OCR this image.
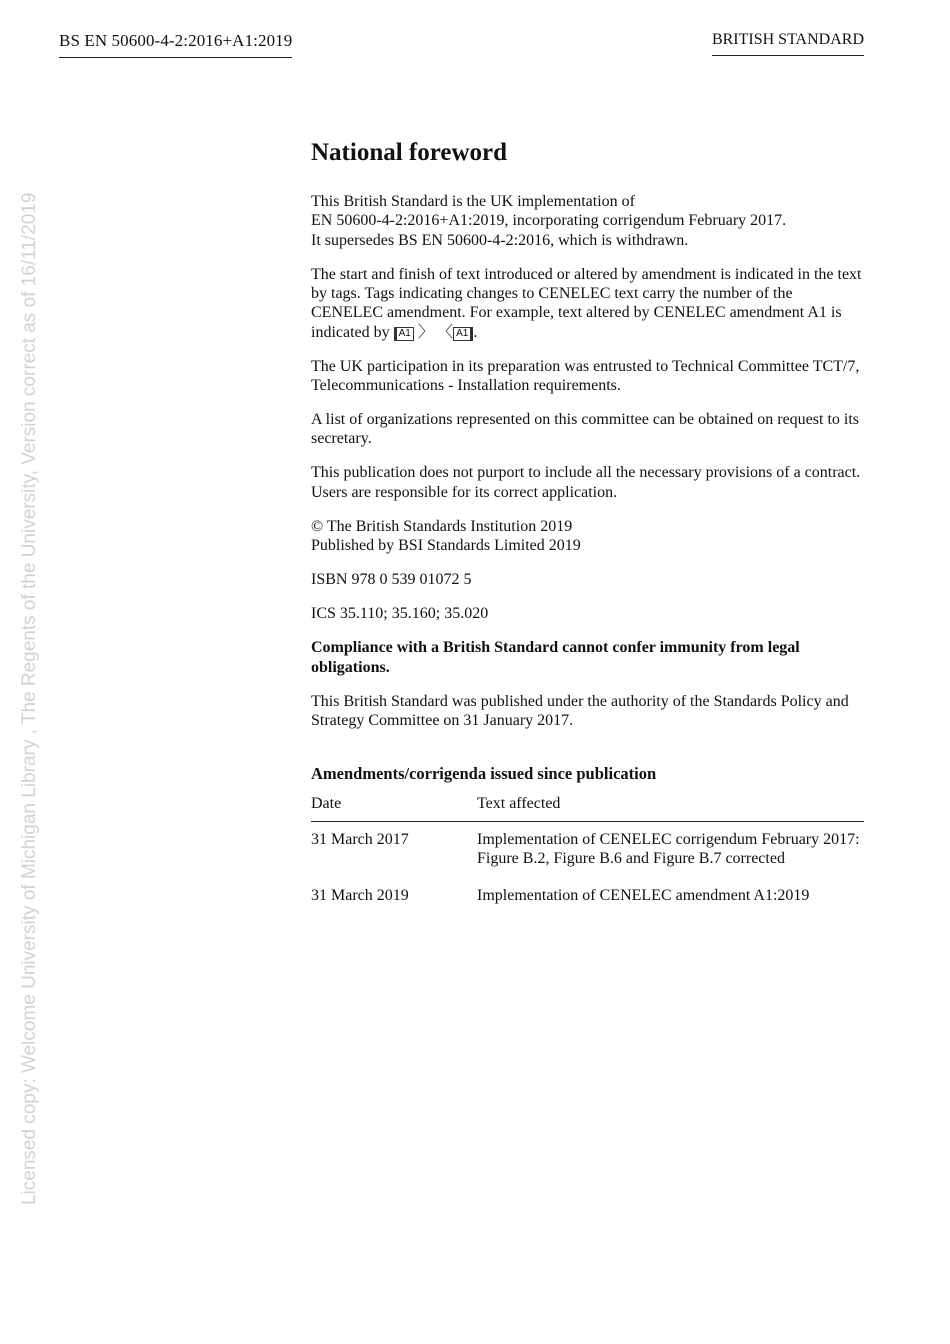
BS EN 50600-4-2:2016+A1:2019	BRITISH STANDARD
Licensed copy: Welcome University of Michigan Library , The Regents of the University, Version correct as of 16/11/2019
National foreword

This British Standard is the UK implementation of
EN 50600-4-2:2016+A1:2019, incorporating corrigendum February 2017.
It supersedes BS EN 50600-4-2:2016, which is withdrawn.

The start and finish of text introduced or altered by amendment is indicated in the text by tags. Tags indicating changes to CENELEC text carry the number of the CENELEC amendment. For example, text altered by CENELEC amendment A1 is indicated by A1 〉 〈 A1 .

The UK participation in its preparation was entrusted to Technical Committee TCT/7, Telecommunications - Installation requirements.

A list of organizations represented on this committee can be obtained on request to its secretary.

This publication does not purport to include all the necessary provisions of a contract. Users are responsible for its correct application.

© The British Standards Institution 2019
Published by BSI Standards Limited 2019

ISBN 978 0 539 01072 5

ICS 35.110; 35.160; 35.020

Compliance with a British Standard cannot confer immunity from legal obligations.

This British Standard was published under the authority of the Standards Policy and Strategy Committee on 31 January 2017.

Amendments/corrigenda issued since publication
Date	Text affected
31 March 2017	Implementation of CENELEC corrigendum February 2017: Figure B.2, Figure B.6 and Figure B.7 corrected
31 March 2019	Implementation of CENELEC amendment A1:2019
